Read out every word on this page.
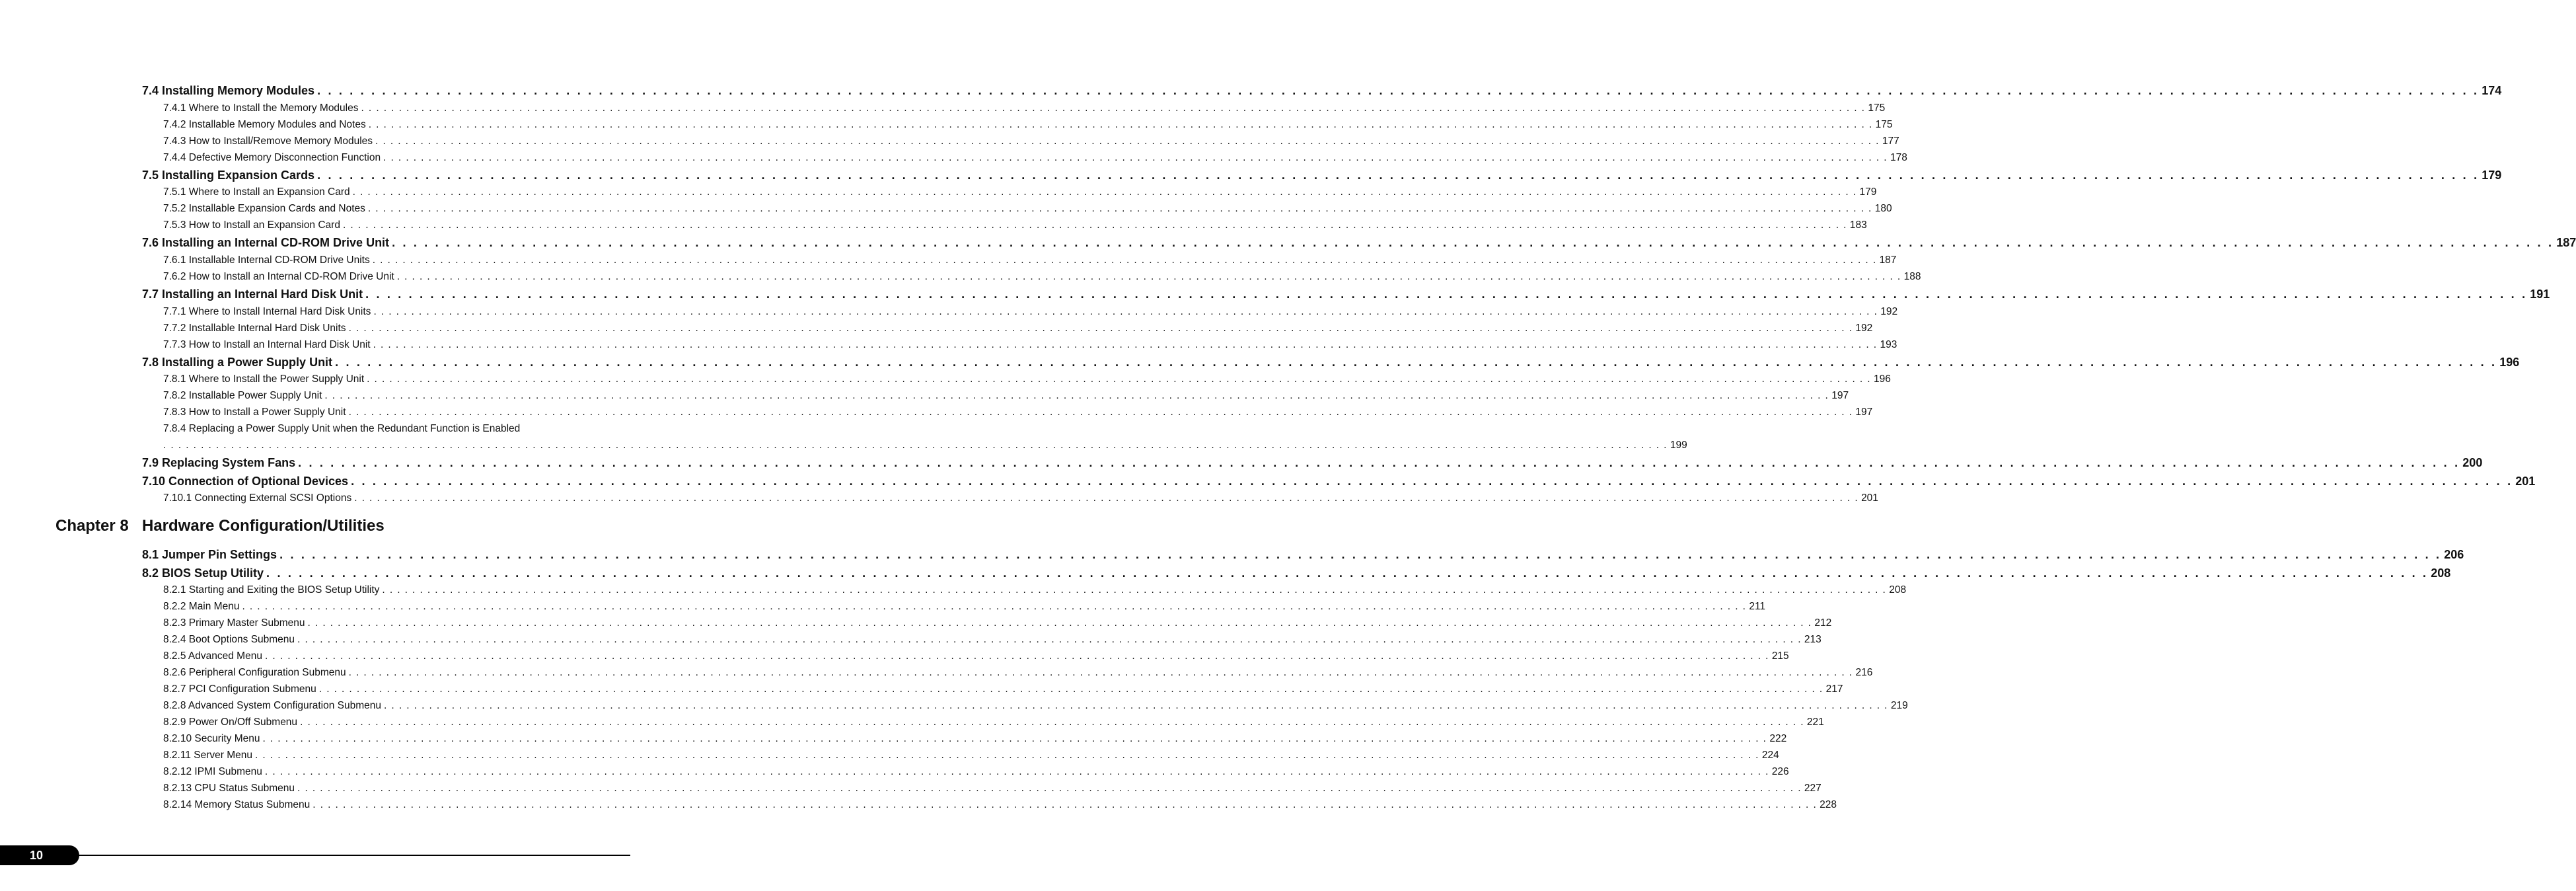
7.4 Installing Memory Modules . . . . . . . . . . . . . . . . . . . . . . . . . . . . . . . . . . . . . . . . . . . . . . . . . . . . . . . . . . . . . . . . . . . . . . . . . . . . . . . . . . . . . . . . . . . . . . . . . . . . . . . . . . . . . . . . . . . . . . . . . . . . . . . . . . . . . . . . . . . . . . . . . . . . . . . . . . . . . . . . . . . . . . . . . . . . . . . . . . . . . . . . . . . . . . . . . . . . . . . . 174
7.4.1 Where to Install the Memory Modules . . . . . . . . . . . . . . . . . . . . . . . . . . . . . . . . . . . . . . . . . . . . . . . . . . . . . . . . . . . . . . . . . . . . . . . . . . . . . . . . . . . . . . . . . . . . . . . . . . . . . . . . . . . . . . . . . . . . . . . . . . . . . . . . . . . . . . . . . . . . . . . . . . . . . . . . . . . . . . . . . . . . . . . . . . . . . . . . . . . . . . . . . . . . . . . . . . . . . . . . 175
7.4.2 Installable Memory Modules and Notes . . . . . . . . . . . . . . . . . . . . . . . . . . . . . . . . . . . . . . . . . . . . . . . . . . . . . . . . . . . . . . . . . . . . . . . . . . . . . . . . . . . . . . . . . . . . . . . . . . . . . . . . . . . . . . . . . . . . . . . . . . . . . . . . . . . . . . . . . . . . . . . . . . . . . . . . . . . . . . . . . . . . . . . . . . . . . . . . . . . . . . . . . . . . . . . . . . . . . . . . 175
7.4.3 How to Install/Remove Memory Modules . . . . . . . . . . . . . . . . . . . . . . . . . . . . . . . . . . . . . . . . . . . . . . . . . . . . . . . . . . . . . . . . . . . . . . . . . . . . . . . . . . . . . . . . . . . . . . . . . . . . . . . . . . . . . . . . . . . . . . . . . . . . . . . . . . . . . . . . . . . . . . . . . . . . . . . . . . . . . . . . . . . . . . . . . . . . . . . . . . . . . . . . . . . . . . . . . . . . . . . . 177
7.4.4 Defective Memory Disconnection Function . . . . . . . . . . . . . . . . . . . . . . . . . . . . . . . . . . . . . . . . . . . . . . . . . . . . . . . . . . . . . . . . . . . . . . . . . . . . . . . . . . . . . . . . . . . . . . . . . . . . . . . . . . . . . . . . . . . . . . . . . . . . . . . . . . . . . . . . . . . . . . . . . . . . . . . . . . . . . . . . . . . . . . . . . . . . . . . . . . . . . . . . . . . . . . . . . . . . . . . . 178
7.5 Installing Expansion Cards . . . . . . . . . . . . . . . . . . . . . . . . . . . . . . . . . . . . . . . . . . . . . . . . . . . . . . . . . . . . . . . . . . . . . . . . . . . . . . . . . . . . . . . . . . . . . . . . . . . . . . . . . . . . . . . . . . . . . . . . . . . . . . . . . . . . . . . . . . . . . . . . . . . . . . . . . . . . . . . . . . . . . . . . . . . . . . . . . . . . . . . . . . . . . . . . . . . . . . . . 179
7.5.1 Where to Install an Expansion Card . . . . . . . . . . . . . . . . . . . . . . . . . . . . . . . . . . . . . . . . . . . . . . . . . . . . . . . . . . . . . . . . . . . . . . . . . . . . . . . . . . . . . . . . . . . . . . . . . . . . . . . . . . . . . . . . . . . . . . . . . . . . . . . . . . . . . . . . . . . . . . . . . . . . . . . . . . . . . . . . . . . . . . . . . . . . . . . . . . . . . . . . . . . . . . . . . . . . . . . . 179
7.5.2 Installable Expansion Cards and Notes . . . . . . . . . . . . . . . . . . . . . . . . . . . . . . . . . . . . . . . . . . . . . . . . . . . . . . . . . . . . . . . . . . . . . . . . . . . . . . . . . . . . . . . . . . . . . . . . . . . . . . . . . . . . . . . . . . . . . . . . . . . . . . . . . . . . . . . . . . . . . . . . . . . . . . . . . . . . . . . . . . . . . . . . . . . . . . . . . . . . . . . . . . . . . . . . . . . . . . . . 180
7.5.3 How to Install an Expansion Card . . . . . . . . . . . . . . . . . . . . . . . . . . . . . . . . . . . . . . . . . . . . . . . . . . . . . . . . . . . . . . . . . . . . . . . . . . . . . . . . . . . . . . . . . . . . . . . . . . . . . . . . . . . . . . . . . . . . . . . . . . . . . . . . . . . . . . . . . . . . . . . . . . . . . . . . . . . . . . . . . . . . . . . . . . . . . . . . . . . . . . . . . . . . . . . . . . . . . . . . 183
7.6 Installing an Internal CD-ROM Drive Unit . . . . . . . . . . . . . . . . . . . . . . . . . . . . . . . . . . . . . . . . . . . . . . . . . . . . . . . . . . . . . . . . . . . . . . . . . . . . . . . . . . . . . . . . . . . . . . . . . . . . . . . . . . . . . . . . . . . . . . . . . . . . . . . . . . . . . . . . . . . . . . . . . . . . . . . . . . . . . . . . . . . . . . . . . . . . . . . . . . . . . . . . . . . . . . . . . . . . . . . . 187
7.6.1 Installable Internal CD-ROM Drive Units . . . . . . . . . . . . . . . . . . . . . . . . . . . . . . . . . . . . . . . . . . . . . . . . . . . . . . . . . . . . . . . . . . . . . . . . . . . . . . . . . . . . . . . . . . . . . . . . . . . . . . . . . . . . . . . . . . . . . . . . . . . . . . . . . . . . . . . . . . . . . . . . . . . . . . . . . . . . . . . . . . . . . . . . . . . . . . . . . . . . . . . . . . . . . . . . . . . . . . . . 187
7.6.2 How to Install an Internal CD-ROM Drive Unit . . . . . . . . . . . . . . . . . . . . . . . . . . . . . . . . . . . . . . . . . . . . . . . . . . . . . . . . . . . . . . . . . . . . . . . . . . . . . . . . . . . . . . . . . . . . . . . . . . . . . . . . . . . . . . . . . . . . . . . . . . . . . . . . . . . . . . . . . . . . . . . . . . . . . . . . . . . . . . . . . . . . . . . . . . . . . . . . . . . . . . . . . . . . . . . . . . . . . . . . 188
7.7 Installing an Internal Hard Disk Unit . . . . . . . . . . . . . . . . . . . . . . . . . . . . . . . . . . . . . . . . . . . . . . . . . . . . . . . . . . . . . . . . . . . . . . . . . . . . . . . . . . . . . . . . . . . . . . . . . . . . . . . . . . . . . . . . . . . . . . . . . . . . . . . . . . . . . . . . . . . . . . . . . . . . . . . . . . . . . . . . . . . . . . . . . . . . . . . . . . . . . . . . . . . . . . . . . . . . . . . . 191
7.7.1 Where to Install Internal Hard Disk Units . . . . . . . . . . . . . . . . . . . . . . . . . . . . . . . . . . . . . . . . . . . . . . . . . . . . . . . . . . . . . . . . . . . . . . . . . . . . . . . . . . . . . . . . . . . . . . . . . . . . . . . . . . . . . . . . . . . . . . . . . . . . . . . . . . . . . . . . . . . . . . . . . . . . . . . . . . . . . . . . . . . . . . . . . . . . . . . . . . . . . . . . . . . . . . . . . . . . . . . . 192
7.7.2 Installable Internal Hard Disk Units . . . . . . . . . . . . . . . . . . . . . . . . . . . . . . . . . . . . . . . . . . . . . . . . . . . . . . . . . . . . . . . . . . . . . . . . . . . . . . . . . . . . . . . . . . . . . . . . . . . . . . . . . . . . . . . . . . . . . . . . . . . . . . . . . . . . . . . . . . . . . . . . . . . . . . . . . . . . . . . . . . . . . . . . . . . . . . . . . . . . . . . . . . . . . . . . . . . . . . . . 192
7.7.3 How to Install an Internal Hard Disk Unit . . . . . . . . . . . . . . . . . . . . . . . . . . . . . . . . . . . . . . . . . . . . . . . . . . . . . . . . . . . . . . . . . . . . . . . . . . . . . . . . . . . . . . . . . . . . . . . . . . . . . . . . . . . . . . . . . . . . . . . . . . . . . . . . . . . . . . . . . . . . . . . . . . . . . . . . . . . . . . . . . . . . . . . . . . . . . . . . . . . . . . . . . . . . . . . . . . . . . . . . 193
7.8 Installing a Power Supply Unit . . . . . . . . . . . . . . . . . . . . . . . . . . . . . . . . . . . . . . . . . . . . . . . . . . . . . . . . . . . . . . . . . . . . . . . . . . . . . . . . . . . . . . . . . . . . . . . . . . . . . . . . . . . . . . . . . . . . . . . . . . . . . . . . . . . . . . . . . . . . . . . . . . . . . . . . . . . . . . . . . . . . . . . . . . . . . . . . . . . . . . . . . . . . . . . . . . . . . . . . 196
7.8.1 Where to Install the Power Supply Unit . . . . . . . . . . . . . . . . . . . . . . . . . . . . . . . . . . . . . . . . . . . . . . . . . . . . . . . . . . . . . . . . . . . . . . . . . . . . . . . . . . . . . . . . . . . . . . . . . . . . . . . . . . . . . . . . . . . . . . . . . . . . . . . . . . . . . . . . . . . . . . . . . . . . . . . . . . . . . . . . . . . . . . . . . . . . . . . . . . . . . . . . . . . . . . . . . . . . . . . . 196
7.8.2 Installable Power Supply Unit . . . . . . . . . . . . . . . . . . . . . . . . . . . . . . . . . . . . . . . . . . . . . . . . . . . . . . . . . . . . . . . . . . . . . . . . . . . . . . . . . . . . . . . . . . . . . . . . . . . . . . . . . . . . . . . . . . . . . . . . . . . . . . . . . . . . . . . . . . . . . . . . . . . . . . . . . . . . . . . . . . . . . . . . . . . . . . . . . . . . . . . . . . . . . . . . . . . . . . . . 197
7.8.3 How to Install a Power Supply Unit . . . . . . . . . . . . . . . . . . . . . . . . . . . . . . . . . . . . . . . . . . . . . . . . . . . . . . . . . . . . . . . . . . . . . . . . . . . . . . . . . . . . . . . . . . . . . . . . . . . . . . . . . . . . . . . . . . . . . . . . . . . . . . . . . . . . . . . . . . . . . . . . . . . . . . . . . . . . . . . . . . . . . . . . . . . . . . . . . . . . . . . . . . . . . . . . . . . . . . . . 197
7.8.4 Replacing a Power Supply Unit when the Redundant Function is Enabled
. . . . . . . . . . . . . . . . . . . . . . . . . . . . . . . . . . . . . . . . . . . . . . . . . . . . . . . . . . . . . . . . . . . . . . . . . . . . . . . . . . . . . . . . . . . . . . . . . . . . . . . . . . . . . . . . . . . . . . . . . . . . . . . . . . . . . . . . . . . . . . . . . . . . . . . . . . . . . . . . . . . . . . . . . . . . . . . . . . . . . . . . . . . . . . . . . . . . . . . . 199
7.9 Replacing System Fans . . . . . . . . . . . . . . . . . . . . . . . . . . . . . . . . . . . . . . . . . . . . . . . . . . . . . . . . . . . . . . . . . . . . . . . . . . . . . . . . . . . . . . . . . . . . . . . . . . . . . . . . . . . . . . . . . . . . . . . . . . . . . . . . . . . . . . . . . . . . . . . . . . . . . . . . . . . . . . . . . . . . . . . . . . . . . . . . . . . . . . . . . . . . . . . . . . . . . . . . 200
7.10 Connection of Optional Devices . . . . . . . . . . . . . . . . . . . . . . . . . . . . . . . . . . . . . . . . . . . . . . . . . . . . . . . . . . . . . . . . . . . . . . . . . . . . . . . . . . . . . . . . . . . . . . . . . . . . . . . . . . . . . . . . . . . . . . . . . . . . . . . . . . . . . . . . . . . . . . . . . . . . . . . . . . . . . . . . . . . . . . . . . . . . . . . . . . . . . . . . . . . . . . . . . . . . . . . . 201
7.10.1 Connecting External SCSI Options . . . . . . . . . . . . . . . . . . . . . . . . . . . . . . . . . . . . . . . . . . . . . . . . . . . . . . . . . . . . . . . . . . . . . . . . . . . . . . . . . . . . . . . . . . . . . . . . . . . . . . . . . . . . . . . . . . . . . . . . . . . . . . . . . . . . . . . . . . . . . . . . . . . . . . . . . . . . . . . . . . . . . . . . . . . . . . . . . . . . . . . . . . . . . . . . . . . . . . . . 201
Chapter 8 Hardware Configuration/Utilities
8.1 Jumper Pin Settings . . . . . . . . . . . . . . . . . . . . . . . . . . . . . . . . . . . . . . . . . . . . . . . . . . . . . . . . . . . . . . . . . . . . . . . . . . . . . . . . . . . . . . . . . . . . . . . . . . . . . . . . . . . . . . . . . . . . . . . . . . . . . . . . . . . . . . . . . . . . . . . . . . . . . . . . . . . . . . . . . . . . . . . . . . . . . . . . . . . . . . . . . . . . . . . . . . . . . . . . 206
8.2 BIOS Setup Utility . . . . . . . . . . . . . . . . . . . . . . . . . . . . . . . . . . . . . . . . . . . . . . . . . . . . . . . . . . . . . . . . . . . . . . . . . . . . . . . . . . . . . . . . . . . . . . . . . . . . . . . . . . . . . . . . . . . . . . . . . . . . . . . . . . . . . . . . . . . . . . . . . . . . . . . . . . . . . . . . . . . . . . . . . . . . . . . . . . . . . . . . . . . . . . . . . . . . . . . . 208
8.2.1 Starting and Exiting the BIOS Setup Utility . . . . . . . . . . . . . . . . . . . . . . . . . . . . . . . . . . . . . . . . . . . . . . . . . . . . . . . . . . . . . . . . . . . . . . . . . . . . . . . . . . . . . . . . . . . . . . . . . . . . . . . . . . . . . . . . . . . . . . . . . . . . . . . . . . . . . . . . . . . . . . . . . . . . . . . . . . . . . . . . . . . . . . . . . . . . . . . . . . . . . . . . . . . . . . . . . . . . . . . . 208
8.2.2 Main Menu . . . . . . . . . . . . . . . . . . . . . . . . . . . . . . . . . . . . . . . . . . . . . . . . . . . . . . . . . . . . . . . . . . . . . . . . . . . . . . . . . . . . . . . . . . . . . . . . . . . . . . . . . . . . . . . . . . . . . . . . . . . . . . . . . . . . . . . . . . . . . . . . . . . . . . . . . . . . . . . . . . . . . . . . . . . . . . . . . . . . . . . . . . . . . . . . . . . . . . . . 211
8.2.3 Primary Master Submenu . . . . . . . . . . . . . . . . . . . . . . . . . . . . . . . . . . . . . . . . . . . . . . . . . . . . . . . . . . . . . . . . . . . . . . . . . . . . . . . . . . . . . . . . . . . . . . . . . . . . . . . . . . . . . . . . . . . . . . . . . . . . . . . . . . . . . . . . . . . . . . . . . . . . . . . . . . . . . . . . . . . . . . . . . . . . . . . . . . . . . . . . . . . . . . . . . . . . . . . . 212
8.2.4 Boot Options Submenu . . . . . . . . . . . . . . . . . . . . . . . . . . . . . . . . . . . . . . . . . . . . . . . . . . . . . . . . . . . . . . . . . . . . . . . . . . . . . . . . . . . . . . . . . . . . . . . . . . . . . . . . . . . . . . . . . . . . . . . . . . . . . . . . . . . . . . . . . . . . . . . . . . . . . . . . . . . . . . . . . . . . . . . . . . . . . . . . . . . . . . . . . . . . . . . . . . . . . . . . 213
8.2.5 Advanced Menu . . . . . . . . . . . . . . . . . . . . . . . . . . . . . . . . . . . . . . . . . . . . . . . . . . . . . . . . . . . . . . . . . . . . . . . . . . . . . . . . . . . . . . . . . . . . . . . . . . . . . . . . . . . . . . . . . . . . . . . . . . . . . . . . . . . . . . . . . . . . . . . . . . . . . . . . . . . . . . . . . . . . . . . . . . . . . . . . . . . . . . . . . . . . . . . . . . . . . . . . 215
8.2.6 Peripheral Configuration Submenu . . . . . . . . . . . . . . . . . . . . . . . . . . . . . . . . . . . . . . . . . . . . . . . . . . . . . . . . . . . . . . . . . . . . . . . . . . . . . . . . . . . . . . . . . . . . . . . . . . . . . . . . . . . . . . . . . . . . . . . . . . . . . . . . . . . . . . . . . . . . . . . . . . . . . . . . . . . . . . . . . . . . . . . . . . . . . . . . . . . . . . . . . . . . . . . . . . . . . . . . 216
8.2.7 PCI Configuration Submenu . . . . . . . . . . . . . . . . . . . . . . . . . . . . . . . . . . . . . . . . . . . . . . . . . . . . . . . . . . . . . . . . . . . . . . . . . . . . . . . . . . . . . . . . . . . . . . . . . . . . . . . . . . . . . . . . . . . . . . . . . . . . . . . . . . . . . . . . . . . . . . . . . . . . . . . . . . . . . . . . . . . . . . . . . . . . . . . . . . . . . . . . . . . . . . . . . . . . . . . . 217
8.2.8 Advanced System Configuration Submenu . . . . . . . . . . . . . . . . . . . . . . . . . . . . . . . . . . . . . . . . . . . . . . . . . . . . . . . . . . . . . . . . . . . . . . . . . . . . . . . . . . . . . . . . . . . . . . . . . . . . . . . . . . . . . . . . . . . . . . . . . . . . . . . . . . . . . . . . . . . . . . . . . . . . . . . . . . . . . . . . . . . . . . . . . . . . . . . . . . . . . . . . . . . . . . . . . . . . . . . . 219
8.2.9 Power On/Off Submenu . . . . . . . . . . . . . . . . . . . . . . . . . . . . . . . . . . . . . . . . . . . . . . . . . . . . . . . . . . . . . . . . . . . . . . . . . . . . . . . . . . . . . . . . . . . . . . . . . . . . . . . . . . . . . . . . . . . . . . . . . . . . . . . . . . . . . . . . . . . . . . . . . . . . . . . . . . . . . . . . . . . . . . . . . . . . . . . . . . . . . . . . . . . . . . . . . . . . . . . . 221
8.2.10 Security Menu . . . . . . . . . . . . . . . . . . . . . . . . . . . . . . . . . . . . . . . . . . . . . . . . . . . . . . . . . . . . . . . . . . . . . . . . . . . . . . . . . . . . . . . . . . . . . . . . . . . . . . . . . . . . . . . . . . . . . . . . . . . . . . . . . . . . . . . . . . . . . . . . . . . . . . . . . . . . . . . . . . . . . . . . . . . . . . . . . . . . . . . . . . . . . . . . . . . . . . . . 222
8.2.11 Server Menu . . . . . . . . . . . . . . . . . . . . . . . . . . . . . . . . . . . . . . . . . . . . . . . . . . . . . . . . . . . . . . . . . . . . . . . . . . . . . . . . . . . . . . . . . . . . . . . . . . . . . . . . . . . . . . . . . . . . . . . . . . . . . . . . . . . . . . . . . . . . . . . . . . . . . . . . . . . . . . . . . . . . . . . . . . . . . . . . . . . . . . . . . . . . . . . . . . . . . . . . 224
8.2.12 IPMI Submenu . . . . . . . . . . . . . . . . . . . . . . . . . . . . . . . . . . . . . . . . . . . . . . . . . . . . . . . . . . . . . . . . . . . . . . . . . . . . . . . . . . . . . . . . . . . . . . . . . . . . . . . . . . . . . . . . . . . . . . . . . . . . . . . . . . . . . . . . . . . . . . . . . . . . . . . . . . . . . . . . . . . . . . . . . . . . . . . . . . . . . . . . . . . . . . . . . . . . . . . . 226
8.2.13 CPU Status Submenu . . . . . . . . . . . . . . . . . . . . . . . . . . . . . . . . . . . . . . . . . . . . . . . . . . . . . . . . . . . . . . . . . . . . . . . . . . . . . . . . . . . . . . . . . . . . . . . . . . . . . . . . . . . . . . . . . . . . . . . . . . . . . . . . . . . . . . . . . . . . . . . . . . . . . . . . . . . . . . . . . . . . . . . . . . . . . . . . . . . . . . . . . . . . . . . . . . . . . . . . 227
8.2.14 Memory Status Submenu . . . . . . . . . . . . . . . . . . . . . . . . . . . . . . . . . . . . . . . . . . . . . . . . . . . . . . . . . . . . . . . . . . . . . . . . . . . . . . . . . . . . . . . . . . . . . . . . . . . . . . . . . . . . . . . . . . . . . . . . . . . . . . . . . . . . . . . . . . . . . . . . . . . . . . . . . . . . . . . . . . . . . . . . . . . . . . . . . . . . . . . . . . . . . . . . . . . . . . . . 228
10
